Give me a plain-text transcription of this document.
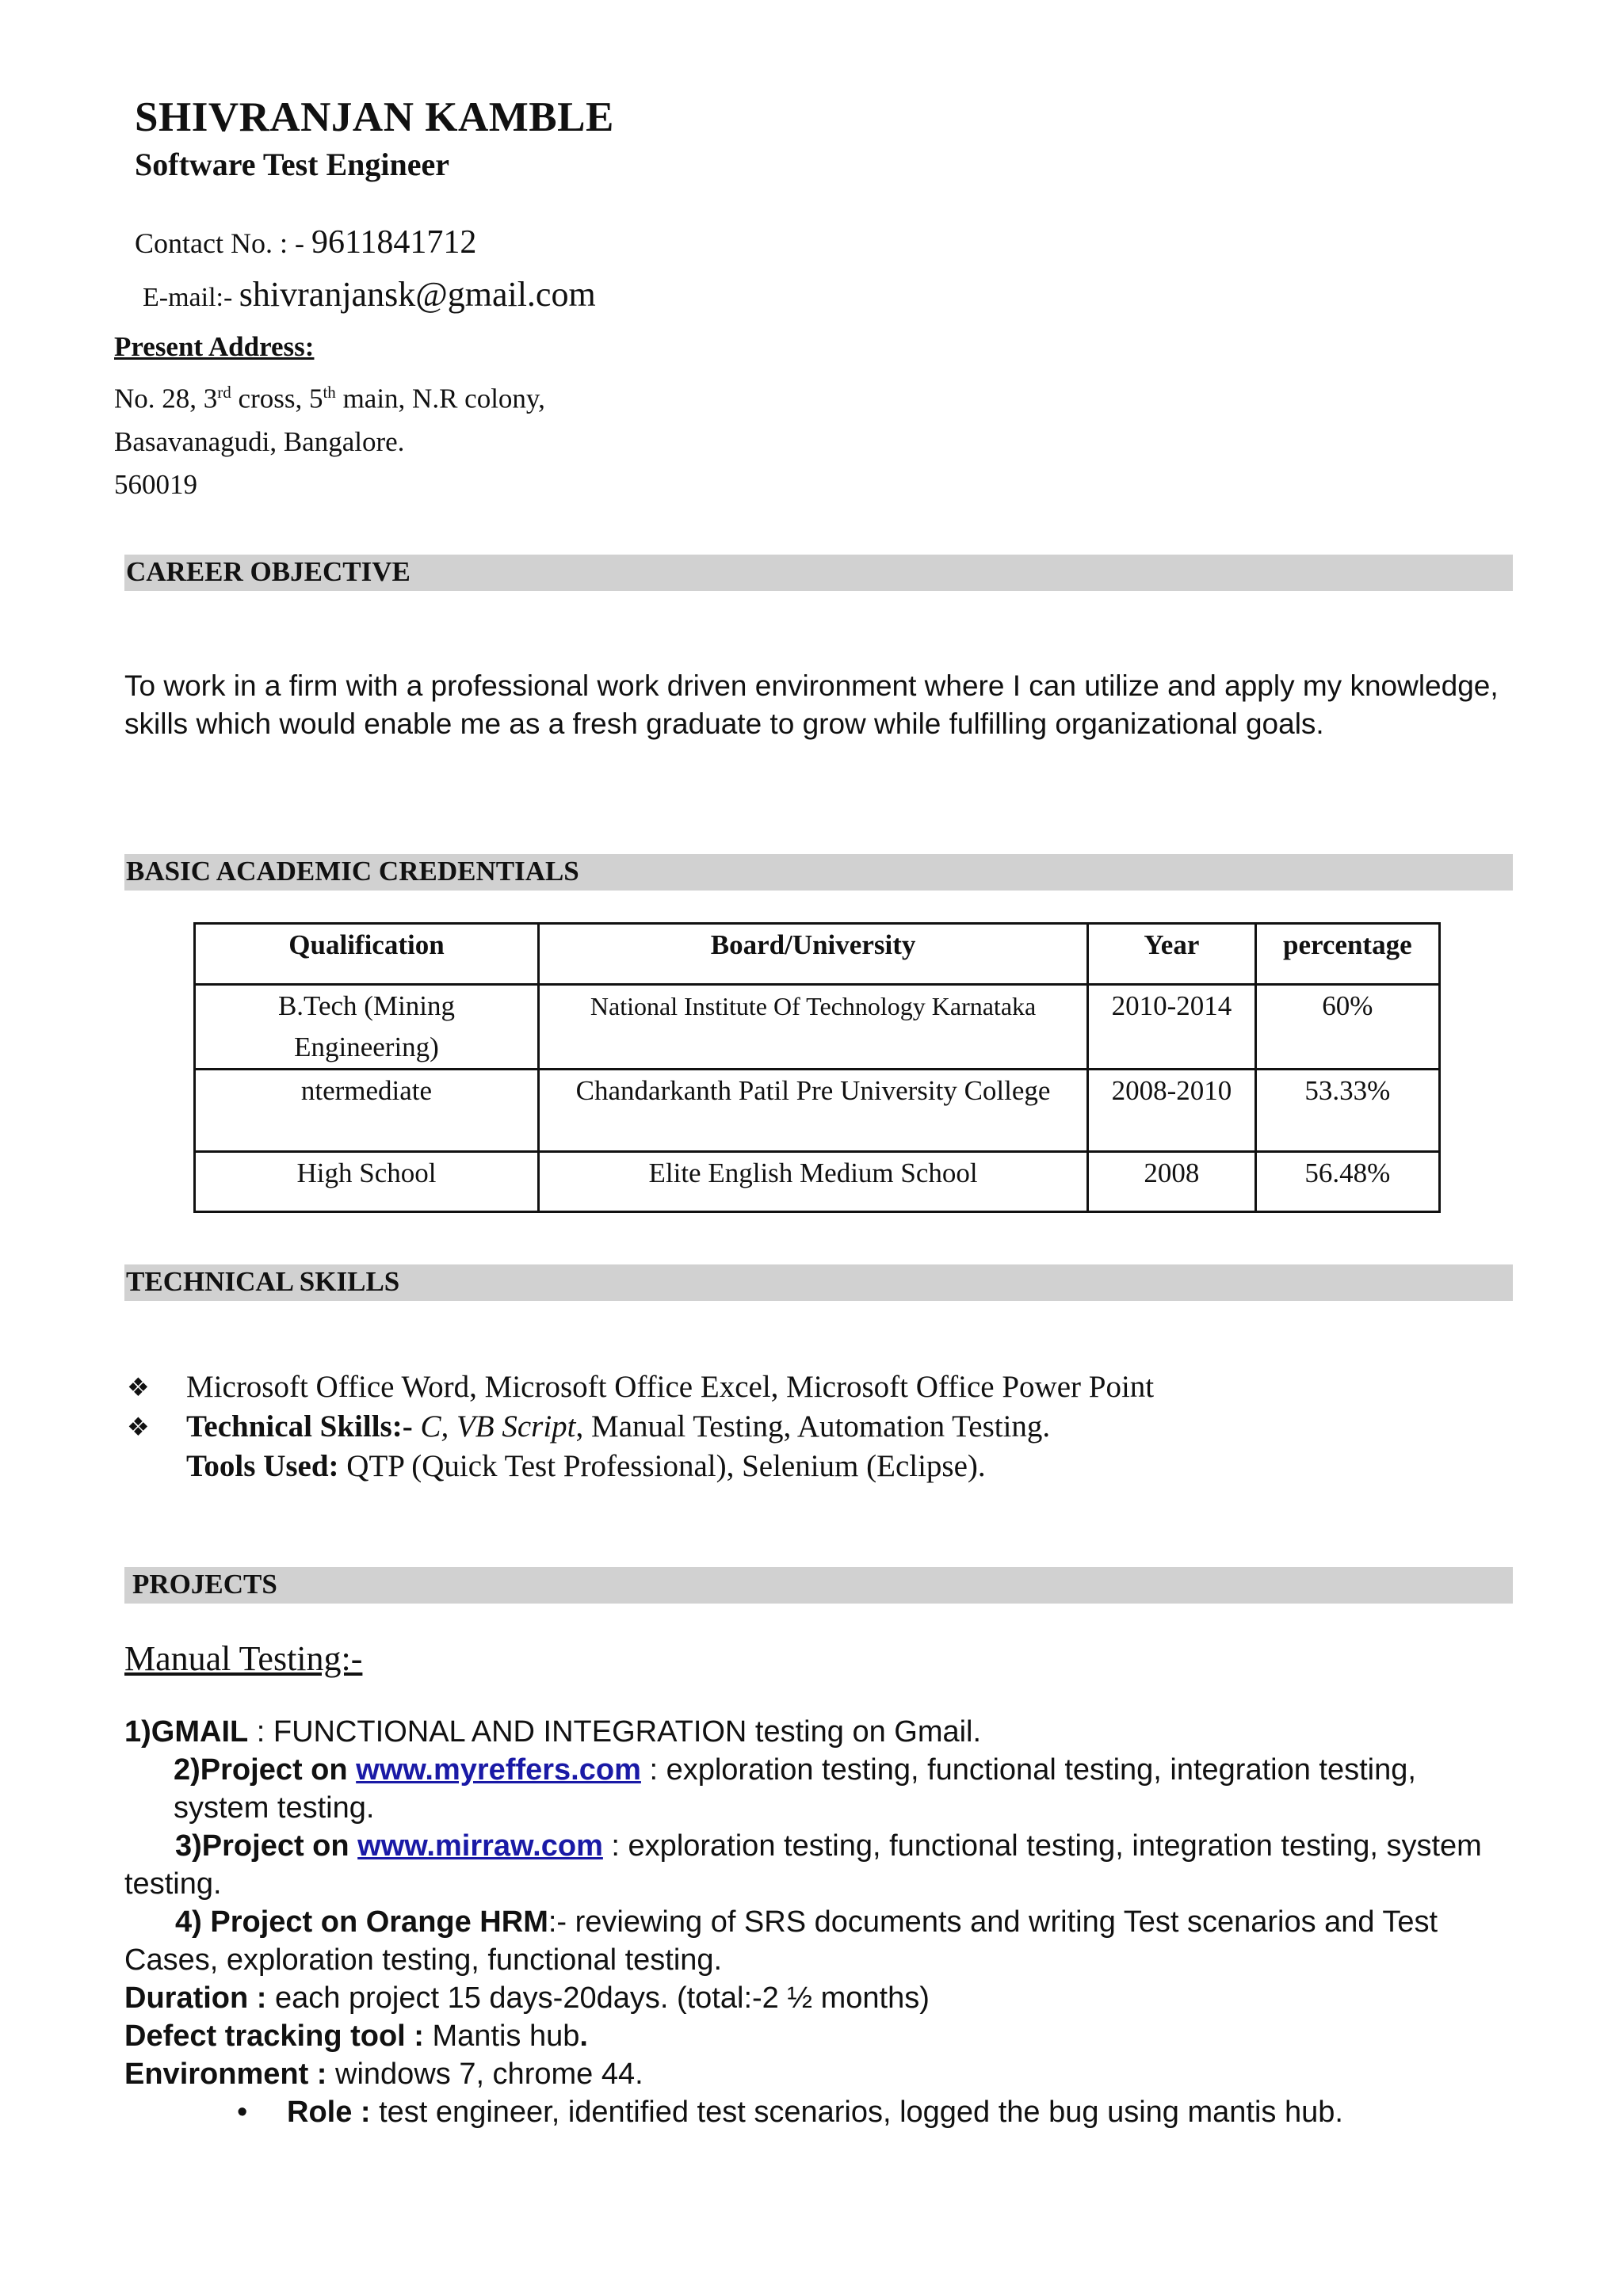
SHIVRANJAN KAMBLE
Software Test Engineer
Contact No. : - 9611841712
E-mail:- shivranjansk@gmail.com
Present Address:
No. 28, 3rd cross, 5th main, N.R colony,
Basavanagudi, Bangalore.
560019
CAREER OBJECTIVE
To work in a firm with a professional work driven environment where I can utilize and apply my knowledge, skills which would enable me as a fresh graduate to grow while fulfilling organizational goals.
BASIC ACADEMIC CREDENTIALS
Qualification	Board/University	Year	percentage
B.Tech (Mining Engineering)	National Institute Of Technology Karnataka	2010-2014	60%
ntermediate	Chandarkanth Patil Pre University College	2008-2010	53.33%
High School	Elite English Medium School	2008	56.48%
TECHNICAL SKILLS
❖ Microsoft Office Word, Microsoft Office Excel, Microsoft Office Power Point
❖ Technical Skills:- C, VB Script, Manual Testing, Automation Testing.
Tools Used: QTP (Quick Test Professional), Selenium (Eclipse).
PROJECTS
Manual Testing:-
1)GMAIL : FUNCTIONAL AND INTEGRATION testing on Gmail.
2)Project on www.myreffers.com : exploration testing, functional testing, integration testing, system testing.
3)Project on www.mirraw.com : exploration testing, functional testing, integration testing, system testing.
4) Project on Orange HRM:- reviewing of SRS documents and writing Test scenarios and Test Cases, exploration testing, functional testing.
Duration : each project 15 days-20days. (total:-2 ½ months)
Defect tracking tool : Mantis hub.
Environment : windows 7, chrome 44.
• Role : test engineer, identified test scenarios, logged the bug using mantis hub.
